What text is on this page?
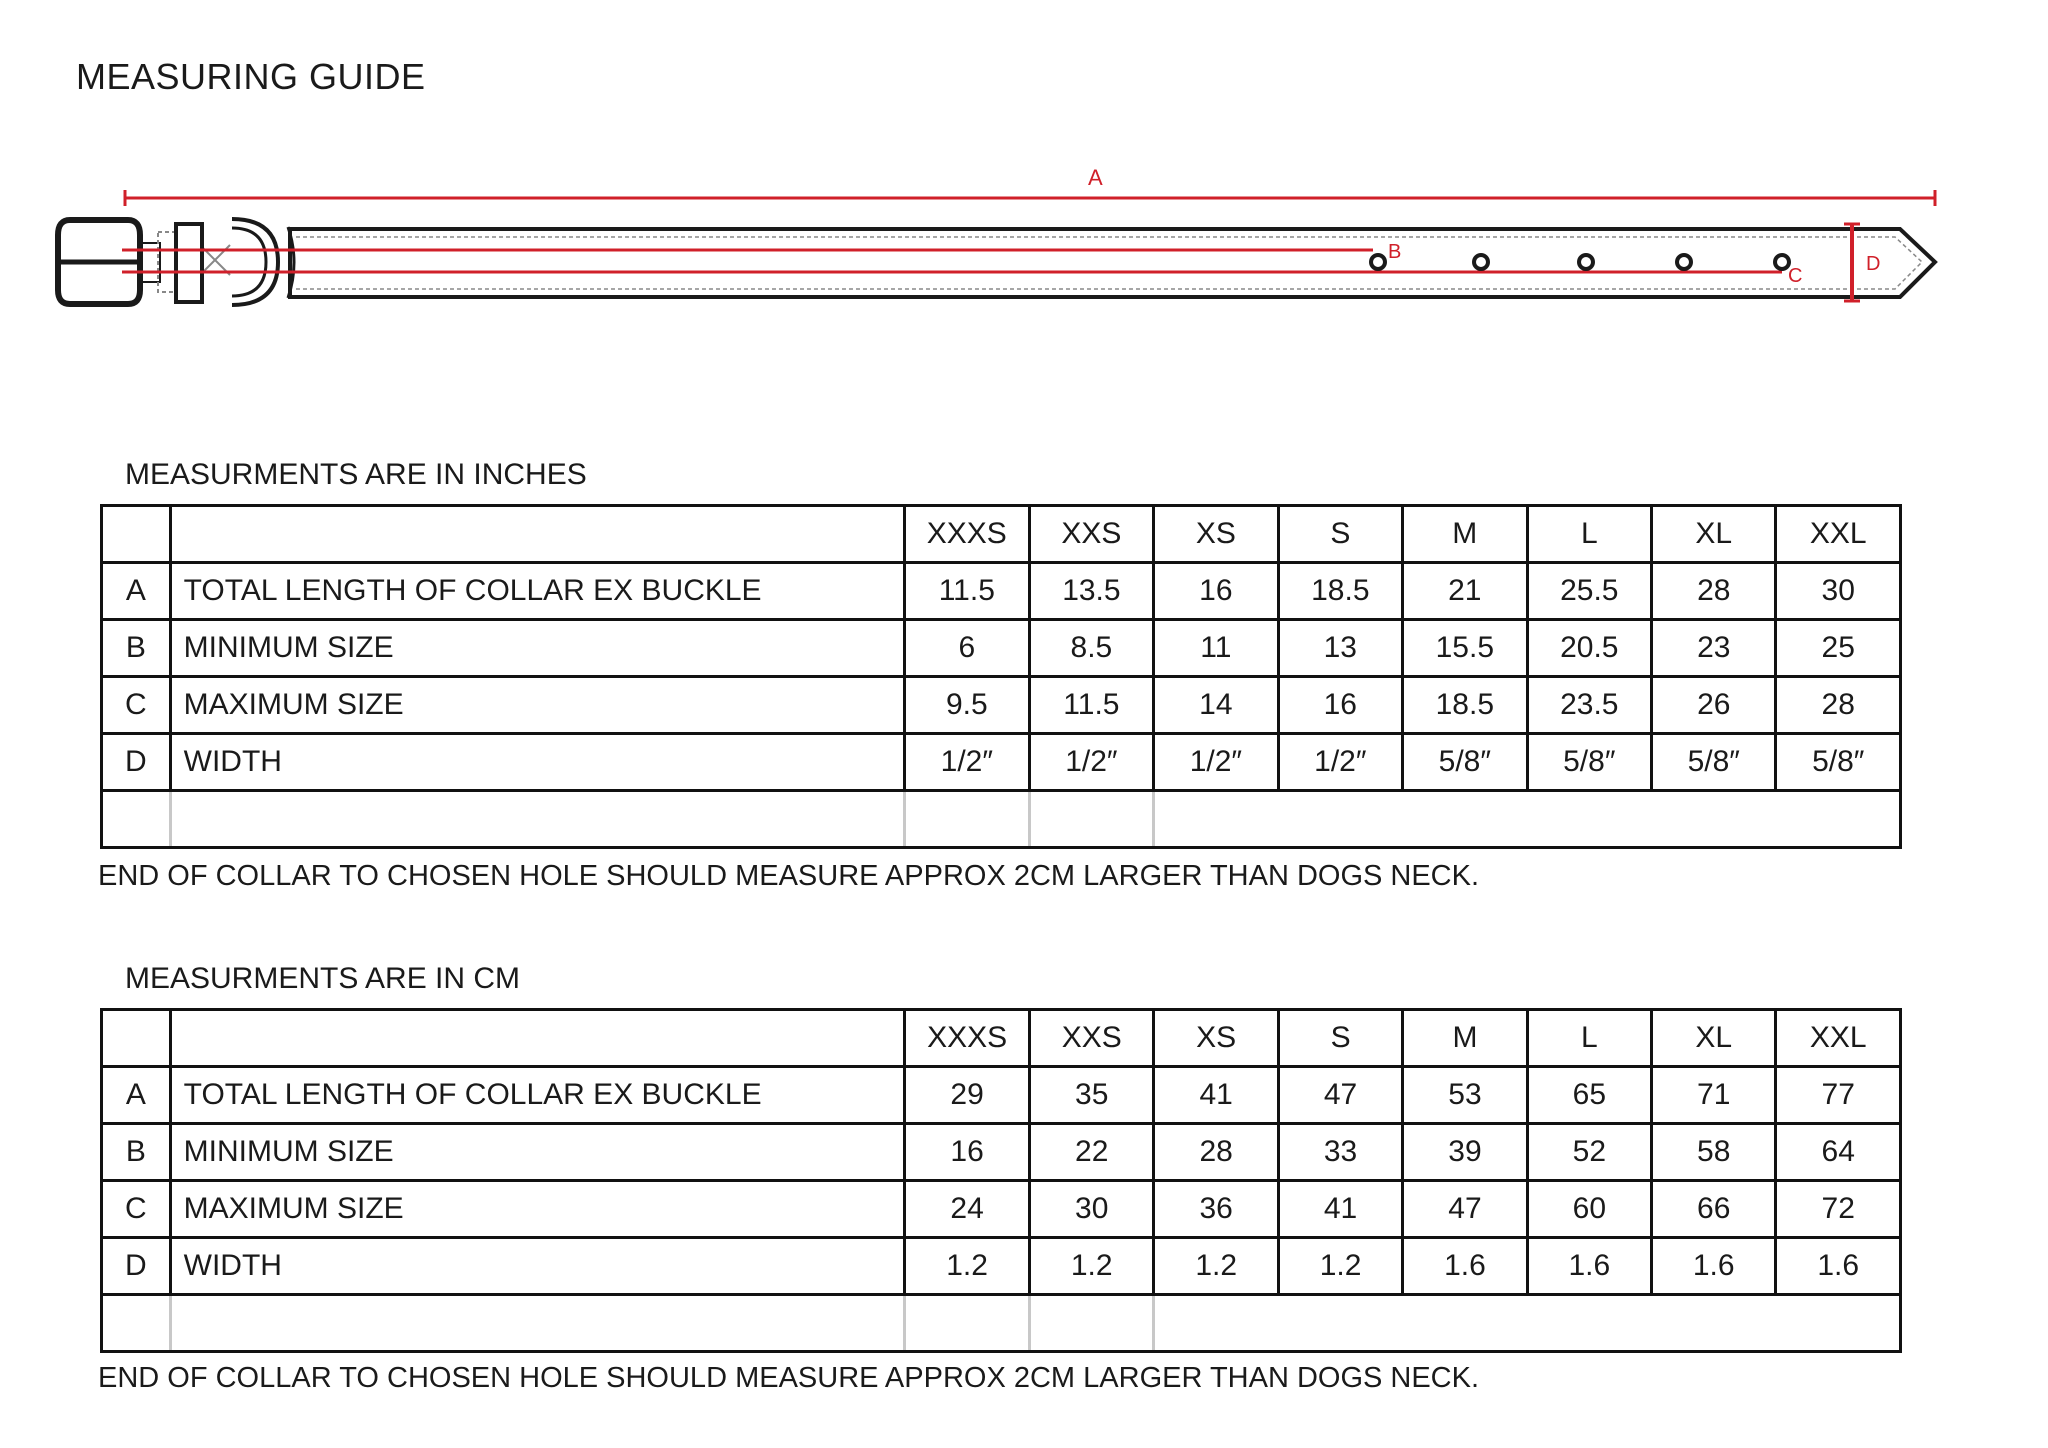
MEASURING GUIDE
A
B
C
D
MEASURMENTS ARE IN INCHES
		XXXS	XXS	XS	S	M	L	XL	XXL
A	TOTAL LENGTH OF COLLAR EX BUCKLE	11.5	13.5	16	18.5	21	25.5	28	30
B	MINIMUM SIZE	6	8.5	11	13	15.5	20.5	23	25
C	MAXIMUM SIZE	9.5	11.5	14	16	18.5	23.5	26	28
D	WIDTH	1/2″	1/2″	1/2″	1/2″	5/8″	5/8″	5/8″	5/8″

END OF COLLAR TO CHOSEN HOLE SHOULD MEASURE APPROX 2CM LARGER THAN DOGS NECK.
MEASURMENTS ARE IN CM
		XXXS	XXS	XS	S	M	L	XL	XXL
A	TOTAL LENGTH OF COLLAR EX BUCKLE	29	35	41	47	53	65	71	77
B	MINIMUM SIZE	16	22	28	33	39	52	58	64
C	MAXIMUM SIZE	24	30	36	41	47	60	66	72
D	WIDTH	1.2	1.2	1.2	1.2	1.6	1.6	1.6	1.6

END OF COLLAR TO CHOSEN HOLE SHOULD MEASURE APPROX 2CM LARGER THAN DOGS NECK.
